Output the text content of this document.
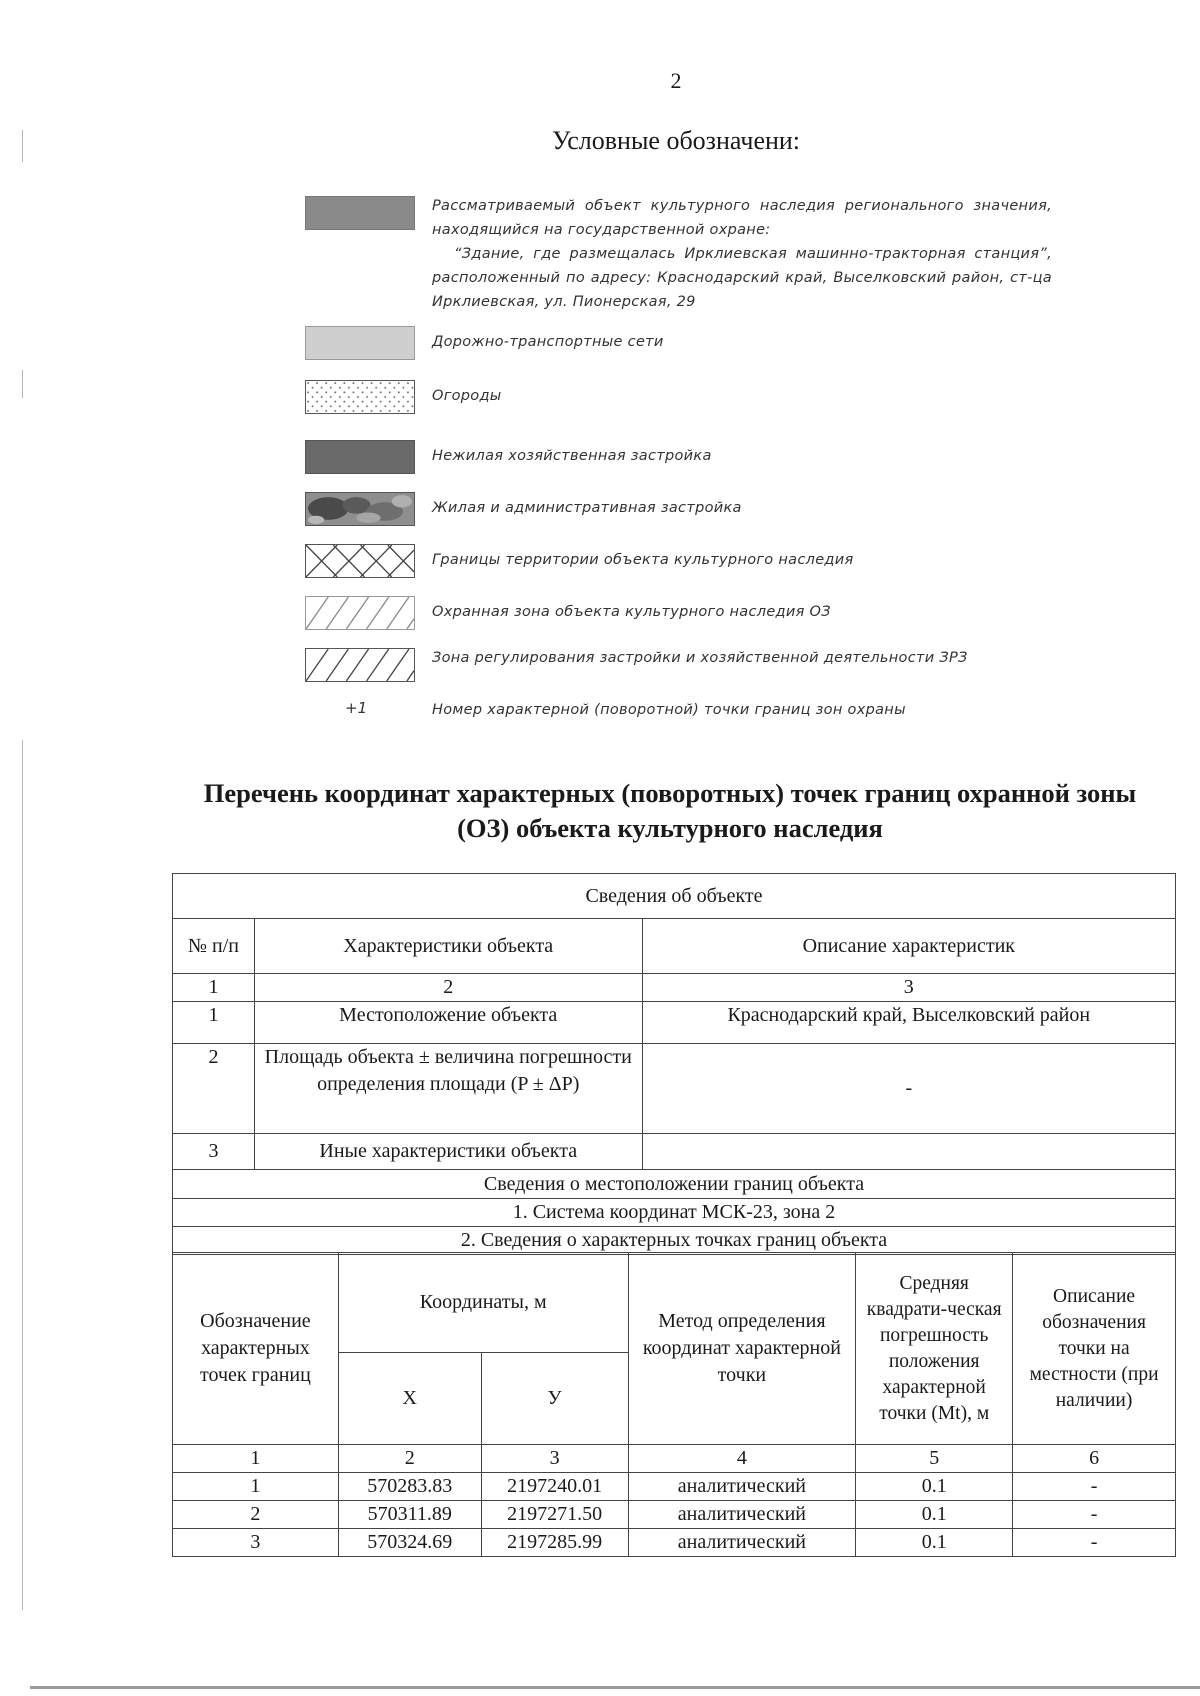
2
Условные обозначени:
Рассматриваемый объект культурного наследия регионального значения, находящийся на государственной охране:
“Здание, где размещалась Ирклиевская машинно-тракторная станция”, расположенный по адресу: Краснодарский край, Выселковский район, ст-ца Ирклиевская, ул. Пионерская, 29
Дорожно-транспортные сети
Огороды
Нежилая хозяйственная застройка
Жилая и административная застройка
Границы территории объекта культурного наследия
Охранная зона объекта культурного наследия ОЗ
Зона регулирования застройки и хозяйственной деятельности ЗРЗ
+1	Номер характерной (поворотной) точки границ зон охраны
Перечень координат характерных (поворотных) точек границ охранной зоны (ОЗ) объекта культурного наследия
Сведения об объекте		
№ п/п	Характеристики объекта	Описание характеристик
1	2	3
1	Местоположение объекта	Краснодарский край, Выселковский район
2	Площадь объекта ± величина погрешности определения площади (P ± ΔP)	-
3	Иные характеристики объекта	
Сведения о местоположении границ объекта		
1. Система координат МСК-23, зона 2		
2. Сведения о характерных точках границ объекта		
Обозначение характерных точек границ	Координаты, м		Метод определения координат характерной точки	Средняя квадрати-ческая погрешность положения характерной точки (Mt), м	Описание обозначения точки на местности (при наличии)
	X	У			
1	2	3	4	5	6
1	570283.83	2197240.01	аналитический	0.1	-
2	570311.89	2197271.50	аналитический	0.1	-
3	570324.69	2197285.99	аналитический	0.1	-
